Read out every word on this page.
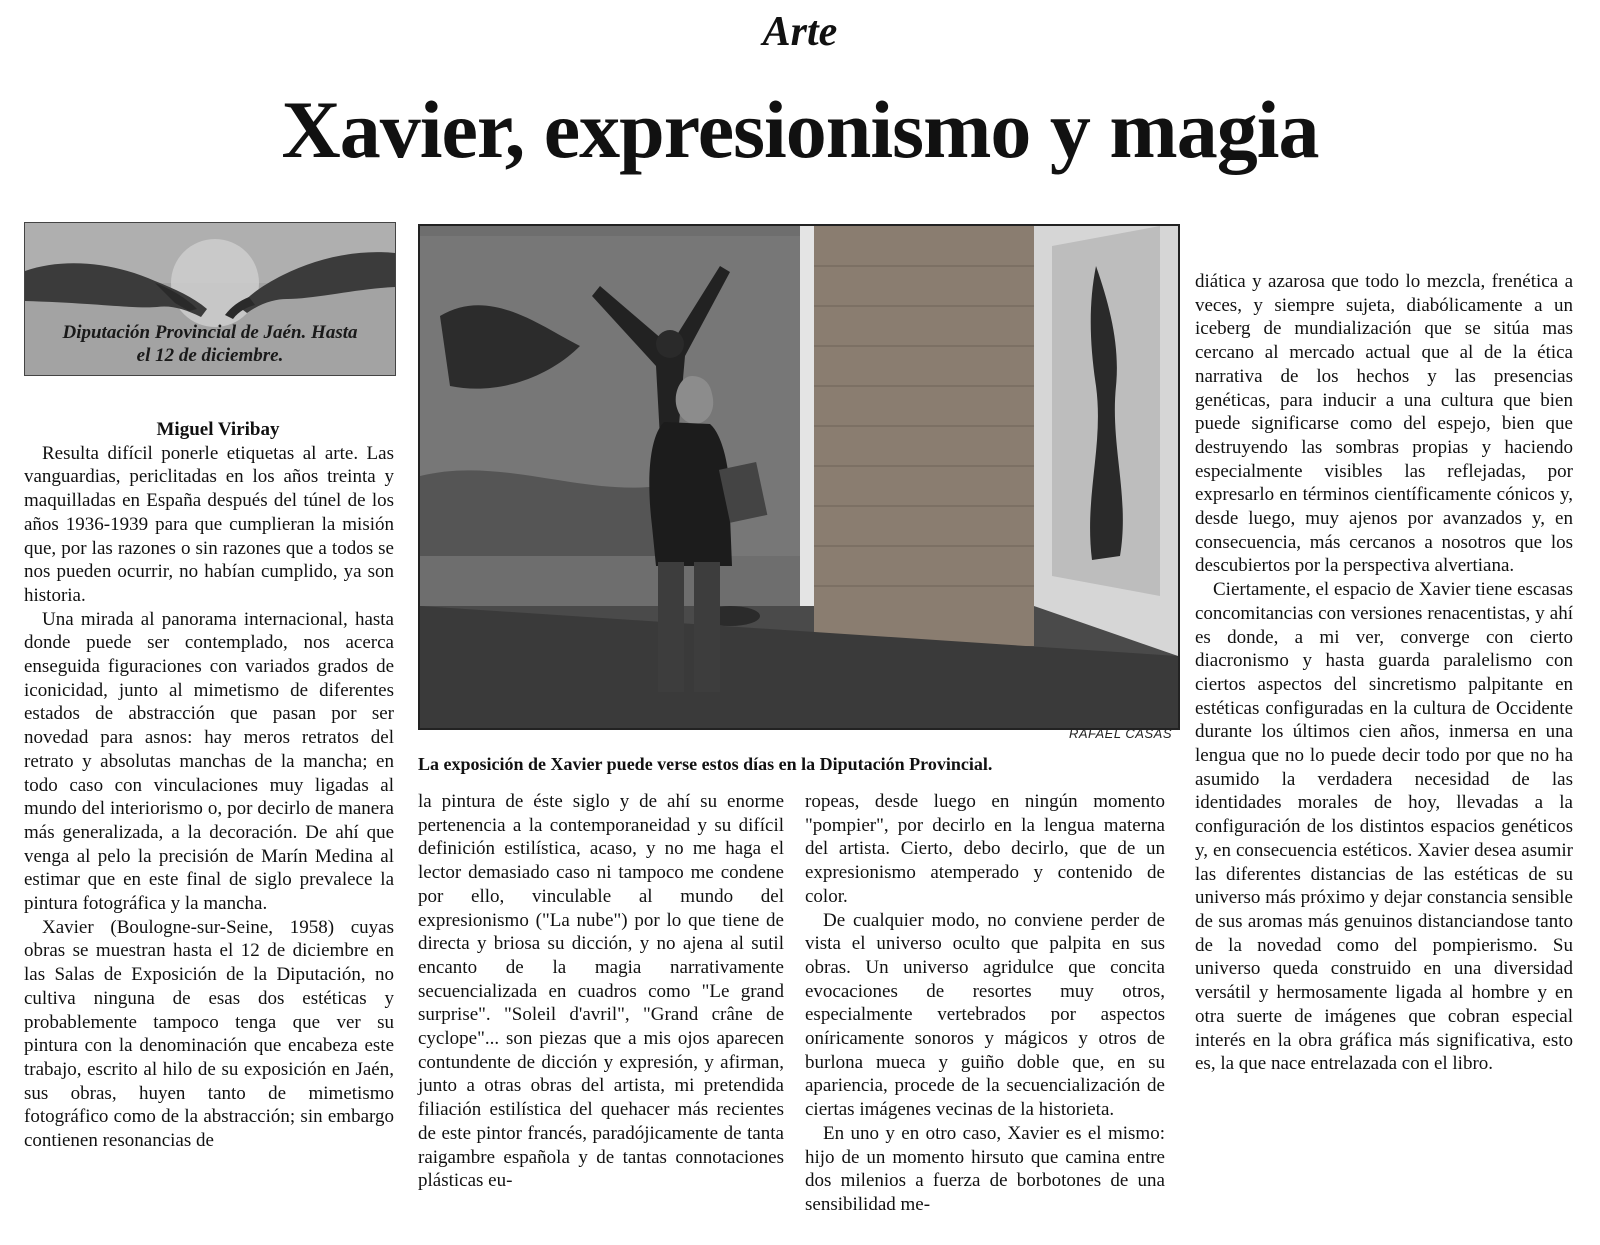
Arte
Xavier, expresionismo y magia
Diputación Provincial de Jaén. Hasta
el 12 de diciembre.
RAFAEL CASAS

La exposición de Xavier puede verse estos días en la Diputación Provincial.

Miguel Viribay

Resulta difícil ponerle etiquetas al arte. Las vanguardias, periclitadas en los años treinta y maquilladas en España después del túnel de los años 1936-1939 para que cumplieran la misión que, por las razones o sin razones que a todos se nos pueden ocurrir, no habían cumplido, ya son historia.

Una mirada al panorama internacional, hasta donde puede ser contemplado, nos acerca enseguida figuraciones con variados grados de iconicidad, junto al mimetismo de diferentes estados de abstracción que pasan por ser novedad para asnos: hay meros retratos del retrato y absolutas manchas de la mancha; en todo caso con vinculaciones muy ligadas al mundo del interiorismo o, por decirlo de manera más generalizada, a la decoración. De ahí que venga al pelo la precisión de Marín Medina al estimar que en este final de siglo prevalece la pintura fotográfica y la mancha.

Xavier (Boulogne-sur-Seine, 1958) cuyas obras se muestran hasta el 12 de diciembre en las Salas de Exposición de la Diputación, no cultiva ninguna de esas dos estéticas y probablemente tampoco tenga que ver su pintura con la denominación que encabeza este trabajo, escrito al hilo de su exposición en Jaén, sus obras, huyen tanto de mimetismo fotográfico como de la abstracción; sin embargo contienen resonancias de

la pintura de éste siglo y de ahí su enorme pertenencia a la contemporaneidad y su difícil definición estilística, acaso, y no me haga el lector demasiado caso ni tampoco me condene por ello, vinculable al mundo del expresionismo ("La nube") por lo que tiene de directa y briosa su dicción, y no ajena al sutil encanto de la magia narrativamente secuencializada en cuadros como "Le grand surprise". "Soleil d'avril", "Grand crâne de cyclope"... son piezas que a mis ojos aparecen contundente de dicción y expresión, y afirman, junto a otras obras del artista, mi pretendida filiación estilística del quehacer más recientes de este pintor francés, paradójicamente de tanta raigambre española y de tantas connotaciones plásticas eu-

ropeas, desde luego en ningún momento "pompier", por decirlo en la lengua materna del artista. Cierto, debo decirlo, que de un expresionismo atemperado y contenido de color.

De cualquier modo, no conviene perder de vista el universo oculto que palpita en sus obras. Un universo agridulce que concita evocaciones de resortes muy otros, especialmente vertebrados por aspectos oníricamente sonoros y mágicos y otros de burlona mueca y guiño doble que, en su apariencia, procede de la secuencialización de ciertas imágenes vecinas de la historieta.

En uno y en otro caso, Xavier es el mismo: hijo de un momento hirsuto que camina entre dos milenios a fuerza de borbotones de una sensibilidad me-

diática y azarosa que todo lo mezcla, frenética a veces, y siempre sujeta, diabólicamente a un iceberg de mundialización que se sitúa mas cercano al mercado actual que al de la ética narrativa de los hechos y las presencias genéticas, para inducir a una cultura que bien puede significarse como del espejo, bien que destruyendo las sombras propias y haciendo especialmente visibles las reflejadas, por expresarlo en términos científicamente cónicos y, desde luego, muy ajenos por avanzados y, en consecuencia, más cercanos a nosotros que los descubiertos por la perspectiva alvertiana.

Ciertamente, el espacio de Xavier tiene escasas concomitancias con versiones renacentistas, y ahí es donde, a mi ver, converge con cierto diacronismo y hasta guarda paralelismo con ciertos aspectos del sincretismo palpitante en estéticas configuradas en la cultura de Occidente durante los últimos cien años, inmersa en una lengua que no lo puede decir todo por que no ha asumido la verdadera necesidad de las identidades morales de hoy, llevadas a la configuración de los distintos espacios genéticos y, en consecuencia estéticos. Xavier desea asumir las diferentes distancias de las estéticas de su universo más próximo y dejar constancia sensible de sus aromas más genuinos distanciandose tanto de la novedad como del pompierismo. Su universo queda construido en una diversidad versátil y hermosamente ligada al hombre y en otra suerte de imágenes que cobran especial interés en la obra gráfica más significativa, esto es, la que nace entrelazada con el libro.
